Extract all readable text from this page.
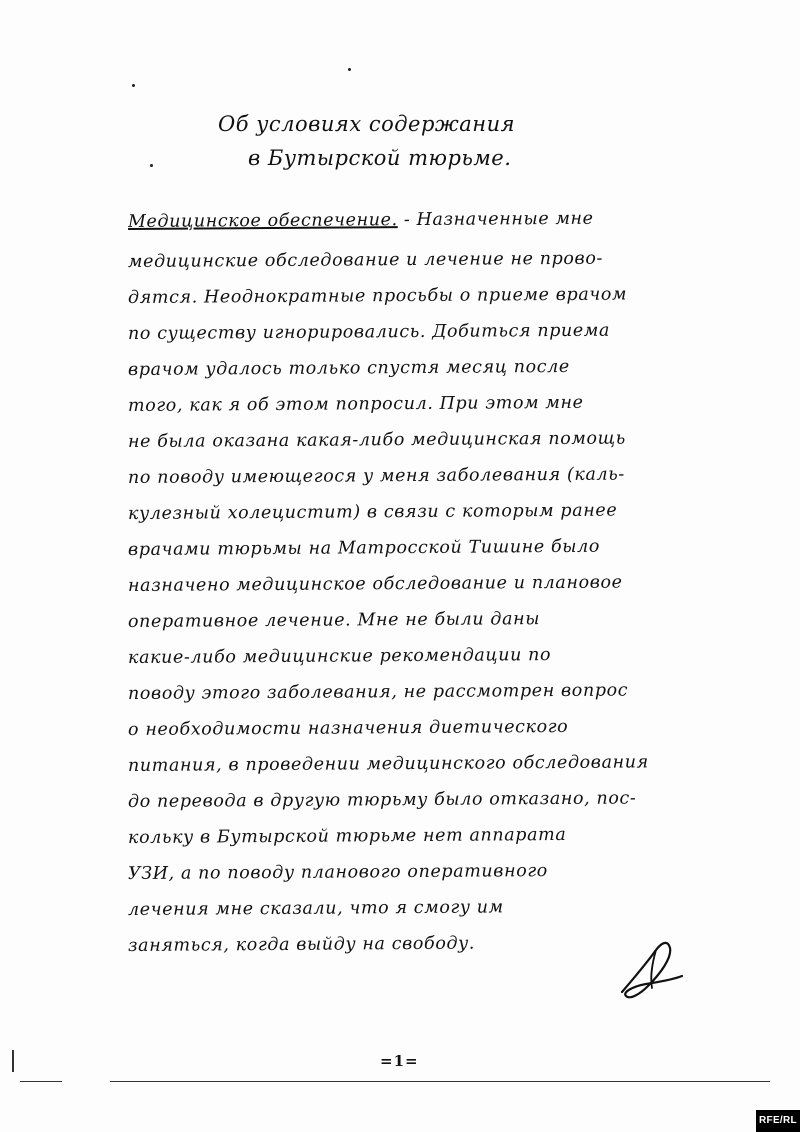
Об условиях содержания
в Бутырской тюрьме.
Медицинское обеспечение. - Назначенные мне
медицинские обследование и лечение не прово-
дятся. Неоднократные просьбы о приеме врачом
по существу игнорировались. Добиться приема
врачом удалось только спустя месяц после
того, как я об этом попросил. При этом мне
не была оказана какая-либо медицинская помощь
по поводу имеющегося у меня заболевания (каль-
кулезный холецистит) в связи с которым ранее
врачами тюрьмы на Матросской Тишине было
назначено медицинское обследование и плановое
оперативное лечение. Мне не были даны
какие-либо медицинские рекомендации по
поводу этого заболевания, не рассмотрен вопрос
о необходимости назначения диетического
питания, в проведении медицинского обследования
до перевода в другую тюрьму было отказано, пос-
кольку в Бутырской тюрьме нет аппарата
УЗИ, а по поводу планового оперативного
лечения мне сказали, что я смогу им
заняться, когда выйду на свободу.
=1=
RFE/RL
